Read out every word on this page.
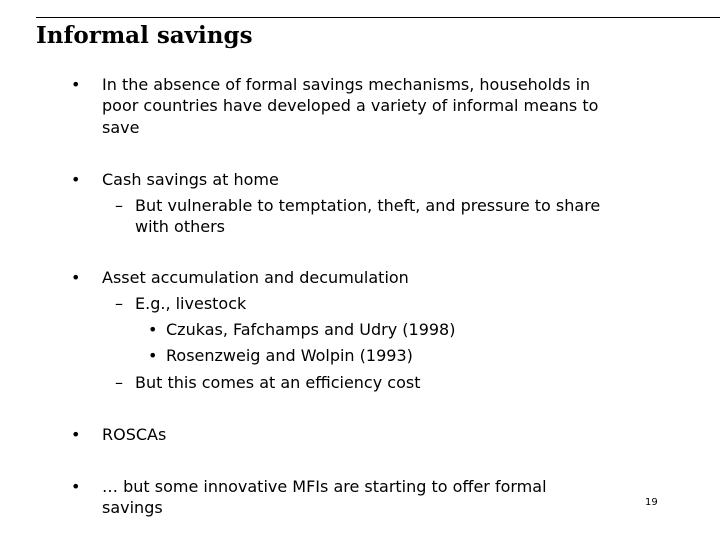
Informal savings
• In the absence of formal savings mechanisms, households in
poor countries have developed a variety of informal means to
save
• Cash savings at home
– But vulnerable to temptation, theft, and pressure to share
with others
• Asset accumulation and decumulation
– E.g., livestock
• Czukas, Fafchamps and Udry (1998)
• Rosenzweig and Wolpin (1993)
– But this comes at an efficiency cost
• ROSCAs
• … but some innovative MFIs are starting to offer formal
savings	19
